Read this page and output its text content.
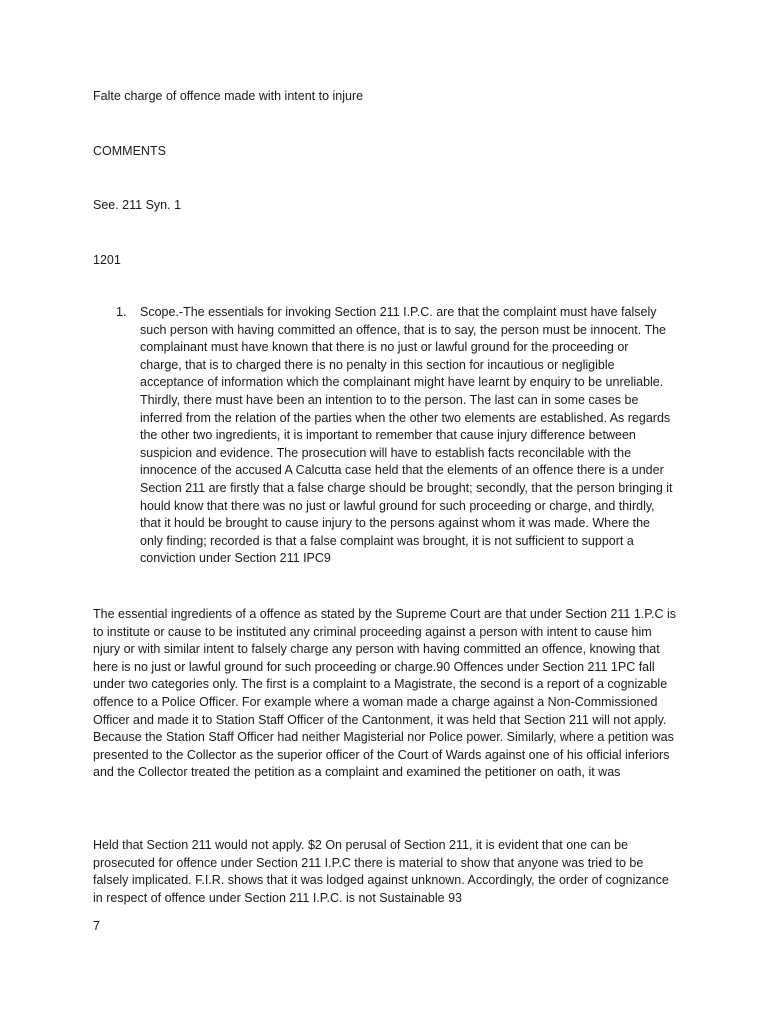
Falte charge of offence made with intent to injure
COMMENTS
See. 211 Syn. 1
1201
1. Scope.-The essentials for invoking Section 211 I.P.C. are that the complaint must have falsely such person with having committed an offence, that is to say, the person must be innocent. The complainant must have known that there is no just or lawful ground for the proceeding or charge, that is to charged there is no penalty in this section for incautious or negligible acceptance of information which the complainant might have learnt by enquiry to be unreliable. Thirdly, there must have been an intention to to the person. The last can in some cases be inferred from the relation of the parties when the other two elements are established. As regards the other two ingredients, it is important to remember that cause injury difference between suspicion and evidence. The prosecution will have to establish facts reconcilable with the innocence of the accused A Calcutta case held that the elements of an offence there is a under Section 211 are firstly that a false charge should be brought; secondly, that the person bringing it hould know that there was no just or lawful ground for such proceeding or charge, and thirdly, that it hould be brought to cause injury to the persons against whom it was made. Where the only finding; recorded is that a false complaint was brought, it is not sufficient to support a conviction under Section 211 IPC9

The essential ingredients of a offence as stated by the Supreme Court are that under Section 211 1.P.C is to institute or cause to be instituted any criminal proceeding against a person with intent to cause him njury or with similar intent to falsely charge any person with having committed an offence, knowing that here is no just or lawful ground for such proceeding or charge.90 Offences under Section 211 1PC fall under two categories only. The first is a complaint to a Magistrate, the second is a report of a cognizable offence to a Police Officer. For example where a woman made a charge against a Non-Commissioned Officer and made it to Station Staff Officer of the Cantonment, it was held that Section 211 will not apply. Because the Station Staff Officer had neither Magisterial nor Police power. Similarly, where a petition was presented to the Collector as the superior officer of the Court of Wards against one of his official inferiors and the Collector treated the petition as a complaint and examined the petitioner on oath, it was

Held that Section 211 would not apply. $2 On perusal of Section 211, it is evident that one can be prosecuted for offence under Section 211 I.P.C there is material to show that anyone was tried to be falsely implicated. F.I.R. shows that it was lodged against unknown. Accordingly, the order of cognizance in respect of offence under Section 211 I.P.C. is not Sustainable 93

7
